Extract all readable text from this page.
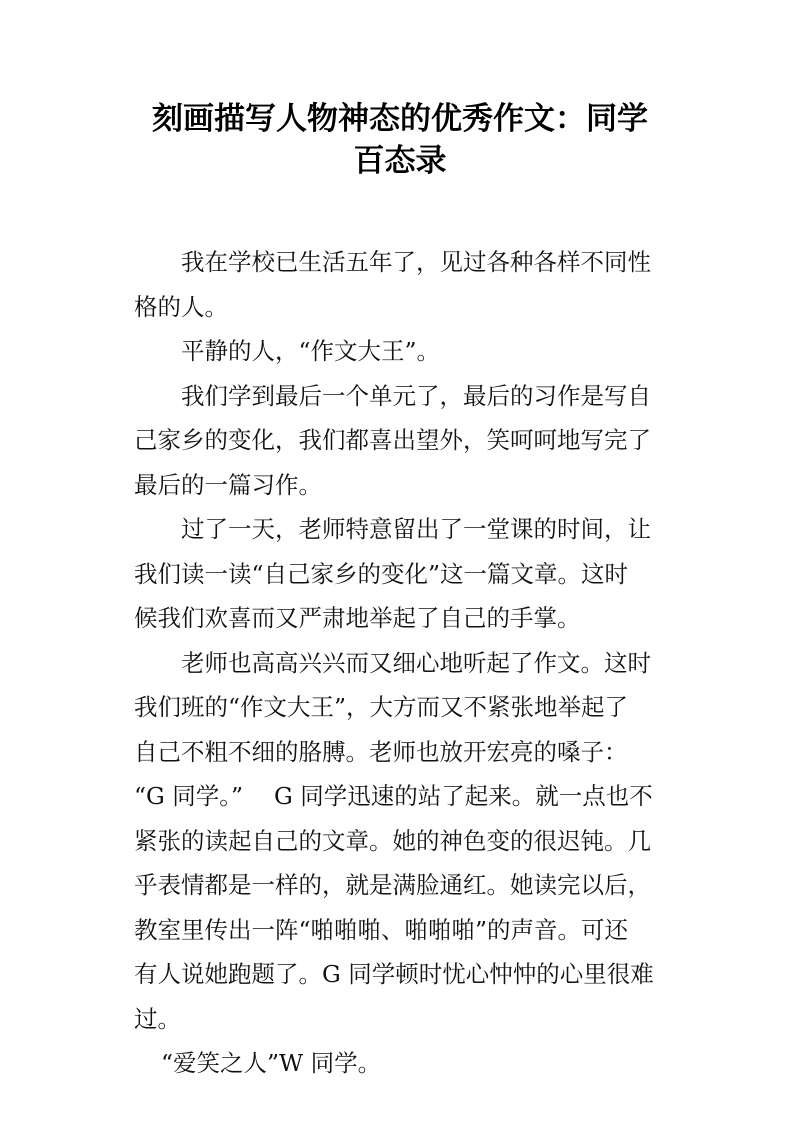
刻画描写人物神态的优秀作文：同学
百态录
我在学校已生活五年了，见过各种各样不同性
格的人。
平静的人，“作文大王”。
我们学到最后一个单元了，最后的习作是写自
己家乡的变化，我们都喜出望外，笑呵呵地写完了
最后的一篇习作。
过了一天，老师特意留出了一堂课的时间，让
我们读一读“自己家乡的变化”这一篇文章。这时
候我们欢喜而又严肃地举起了自己的手掌。
老师也高高兴兴而又细心地听起了作文。这时
我们班的“作文大王”，大方而又不紧张地举起了
自己不粗不细的胳膊。老师也放开宏亮的嗓子：
“G 同学。”　 G 同学迅速的站了起来。就一点也不
紧张的读起自己的文章。她的神色变的很迟钝。几
乎表情都是一样的，就是满脸通红。她读完以后，
教室里传出一阵“啪啪啪、啪啪啪”的声音。可还
有人说她跑题了。G 同学顿时忧心忡忡的心里很难
过。
“爱笑之人”W 同学。
